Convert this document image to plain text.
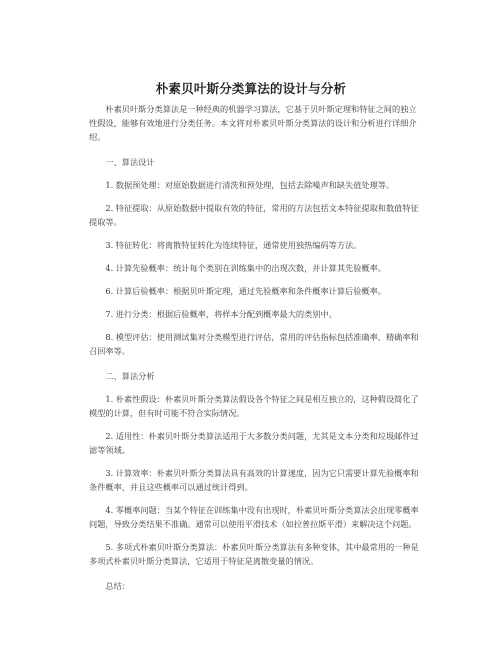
朴素贝叶斯分类算法的设计与分析

朴素贝叶斯分类算法是一种经典的机器学习算法，它基于贝叶斯定理和特征之间的独立性假设，能够有效地进行分类任务。本文将对朴素贝叶斯分类算法的设计和分析进行详细介绍。

一、算法设计

1. 数据预处理：对原始数据进行清洗和预处理，包括去除噪声和缺失值处理等。

2. 特征提取：从原始数据中提取有效的特征，常用的方法包括文本特征提取和数值特征提取等。

3. 特征转化：将离散特征转化为连续特征，通常使用独热编码等方法。

4. 计算先验概率：统计每个类别在训练集中的出现次数，并计算其先验概率。

6. 计算后验概率：根据贝叶斯定理，通过先验概率和条件概率计算后验概率。

7. 进行分类：根据后验概率，将样本分配到概率最大的类别中。

8. 模型评估：使用测试集对分类模型进行评估，常用的评估指标包括准确率、精确率和召回率等。

二、算法分析

1. 朴素性假设：朴素贝叶斯分类算法假设各个特征之间是相互独立的，这种假设简化了模型的计算，但有时可能不符合实际情况。

2. 适用性：朴素贝叶斯分类算法适用于大多数分类问题，尤其是文本分类和垃圾邮件过滤等领域。

3. 计算效率：朴素贝叶斯分类算法具有高效的计算速度，因为它只需要计算先验概率和条件概率，并且这些概率可以通过统计得到。

4. 零概率问题：当某个特征在训练集中没有出现时，朴素贝叶斯分类算法会出现零概率问题，导致分类结果不准确。通常可以使用平滑技术（如拉普拉斯平滑）来解决这个问题。

5. 多项式朴素贝叶斯分类算法：朴素贝叶斯分类算法有多种变体，其中最常用的一种是多项式朴素贝叶斯分类算法，它适用于特征是离散变量的情况。

总结：
